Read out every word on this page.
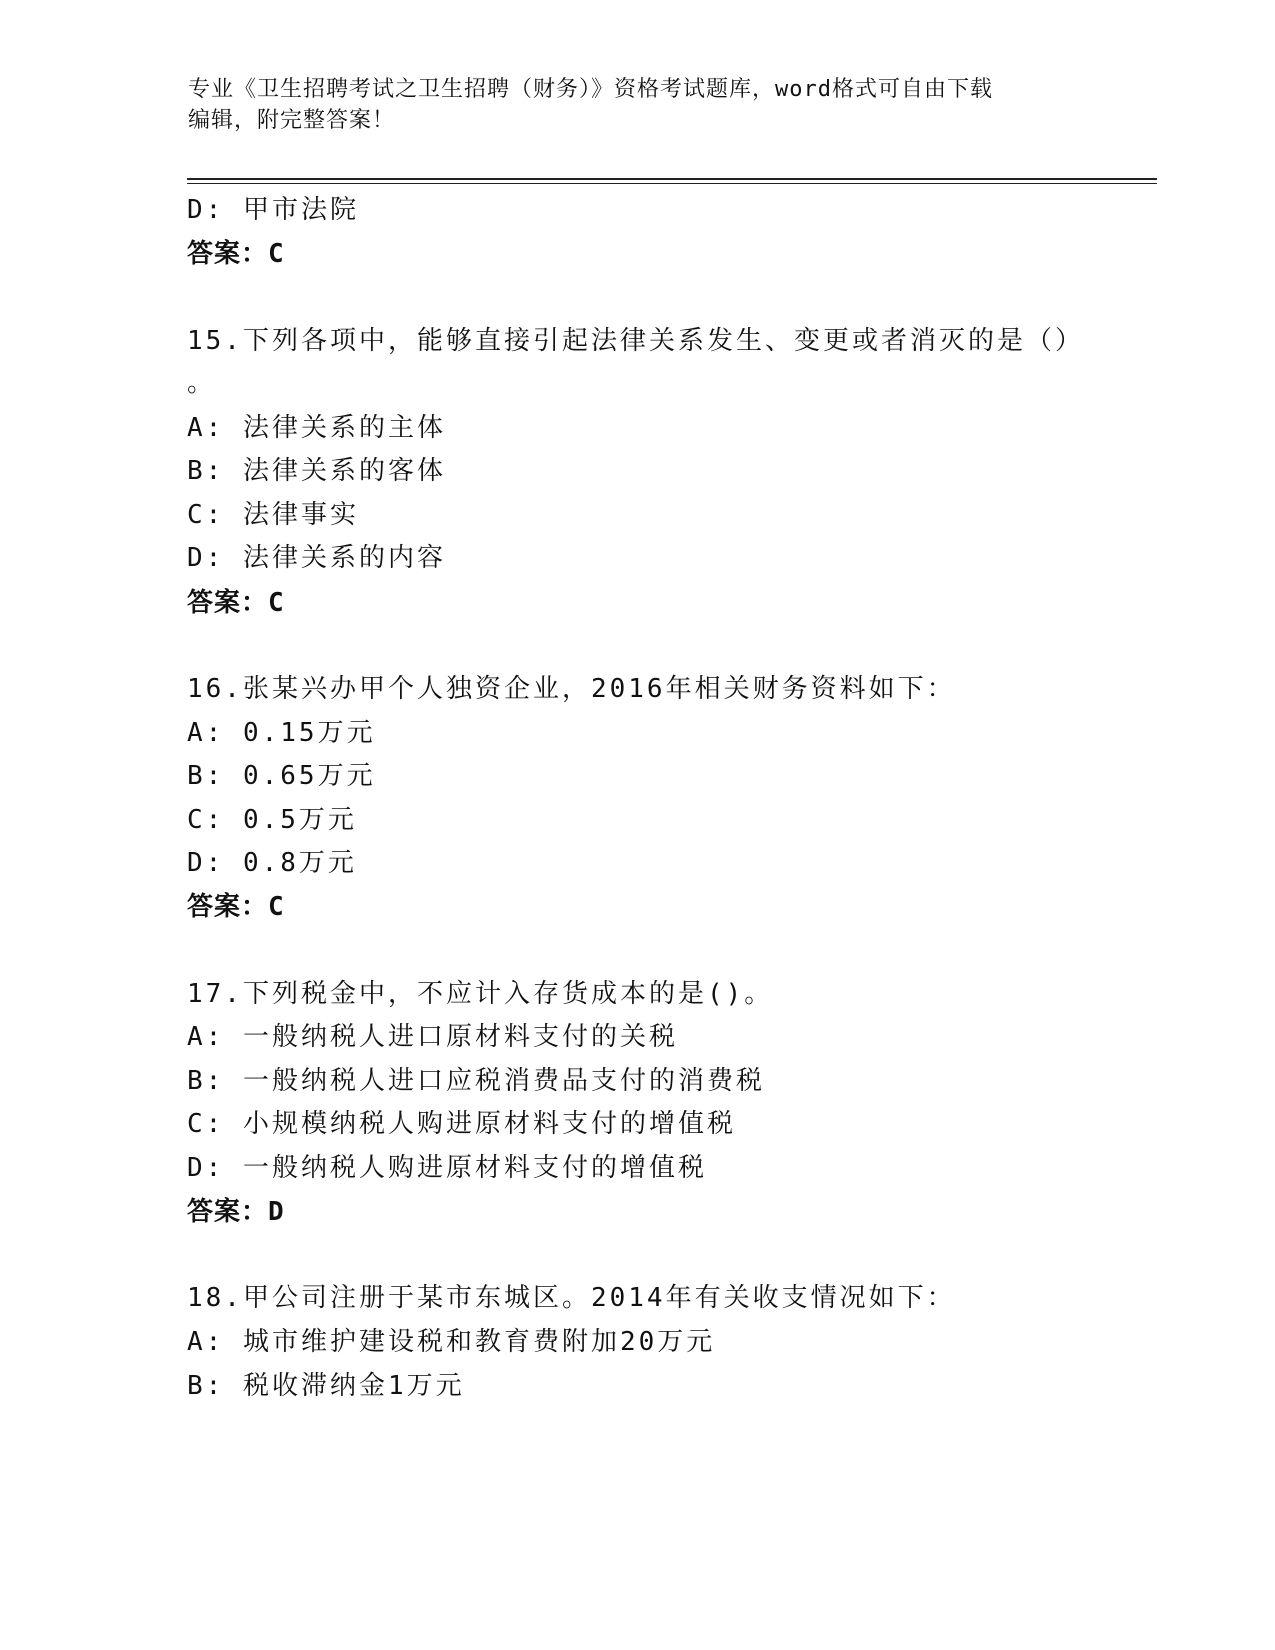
专业《卫生招聘考试之卫生招聘（财务）》资格考试题库，word格式可自由下载
编辑，附完整答案！
D: 甲市法院
答案：C
15.下列各项中，能够直接引起法律关系发生、变更或者消灭的是（）
。
A: 法律关系的主体
B: 法律关系的客体
C: 法律事实
D: 法律关系的内容
答案：C
16.张某兴办甲个人独资企业，2016年相关财务资料如下：
A: 0.15万元
B: 0.65万元
C: 0.5万元
D: 0.8万元
答案：C
17.下列税金中，不应计入存货成本的是()。
A: 一般纳税人进口原材料支付的关税
B: 一般纳税人进口应税消费品支付的消费税
C: 小规模纳税人购进原材料支付的增值税
D: 一般纳税人购进原材料支付的增值税
答案：D
18.甲公司注册于某市东城区。2014年有关收支情况如下：
A: 城市维护建设税和教育费附加20万元
B: 税收滞纳金1万元
